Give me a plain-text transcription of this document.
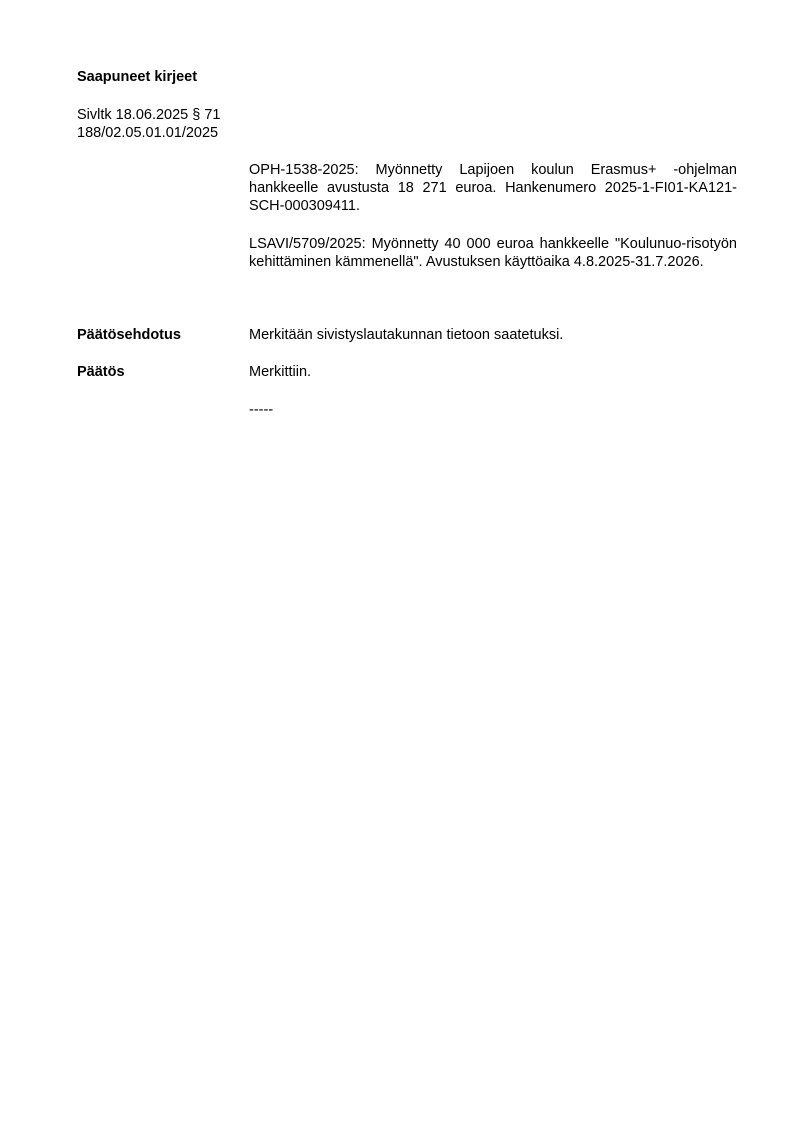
Saapuneet kirjeet
Sivltk 18.06.2025 § 71
188/02.05.01.01/2025
OPH-1538-2025: Myönnetty Lapijoen koulun Erasmus+ -ohjelman hankkeelle avustusta 18 271 euroa. Hankenumero 2025-1-FI01-KA121-SCH-000309411.
LSAVI/5709/2025: Myönnetty 40 000 euroa hankkeelle "Koulunuo-risotyön kehittäminen kämmenellä". Avustuksen käyttöaika 4.8.2025-31.7.2026.
Päätösehdotus	Merkitään sivistyslautakunnan tietoon saatetuksi.
Päätös	Merkittiin.
-----
